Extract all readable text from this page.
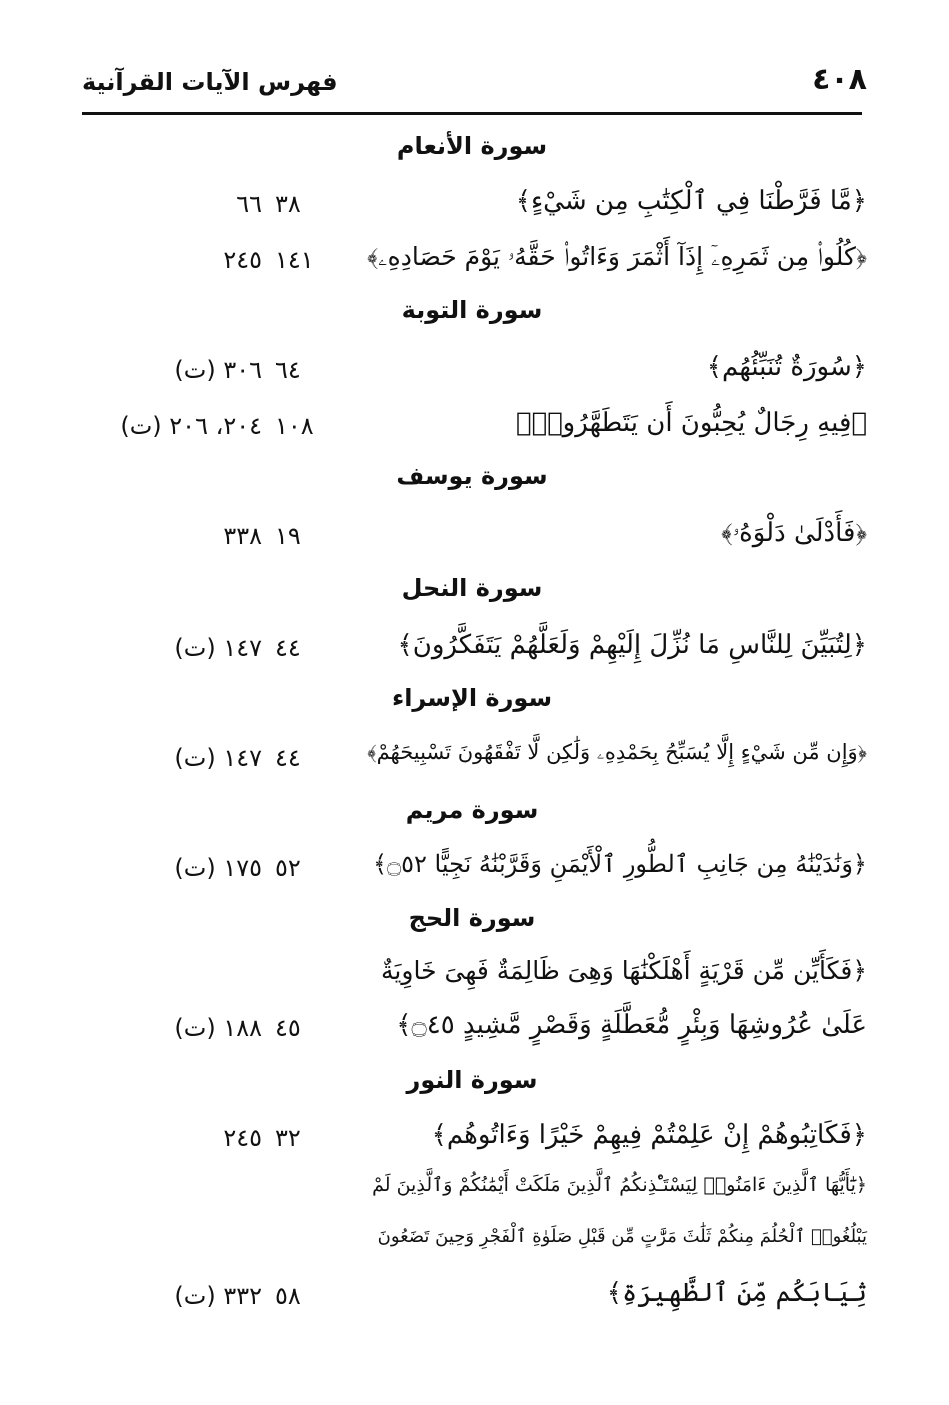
٤٠٨
فهرس الآيات القرآنية
سورة الأنعام
﴿مَّا فَرَّطْنَا فِي ٱلْكِتَٰبِ مِن شَيْءٍ﴾
٣٨
٦٦
﴿كُلُوا۟ مِن ثَمَرِهِۦٓ إِذَآ أَثْمَرَ وَءَاتُوا۟ حَقَّهُۥ يَوْمَ حَصَادِهِۦ﴾
١٤١
٢٤٥
سورة التوبة
﴿سُورَةٌ تُنَبِّئُهُم﴾
٦٤
٣٠٦ (ت)
﴿فِيهِ رِجَالٌ يُحِبُّونَ أَن يَتَطَهَّرُوا۟﴾
١٠٨
٢٠٤، ٢٠٦ (ت)
سورة يوسف
﴿فَأَدْلَىٰ دَلْوَهُۥ﴾
١٩
٣٣٨
سورة النحل
﴿لِتُبَيِّنَ لِلنَّاسِ مَا نُزِّلَ إِلَيْهِمْ وَلَعَلَّهُمْ يَتَفَكَّرُونَ﴾
٤٤
١٤٧ (ت)
سورة الإسراء
﴿وَإِن مِّن شَيْءٍ إِلَّا يُسَبِّحُ بِحَمْدِهِۦ وَلَٰكِن لَّا تَفْقَهُونَ تَسْبِيحَهُمْ﴾
٤٤
١٤٧ (ت)
سورة مريم
﴿وَنَٰدَيْنَٰهُ مِن جَانِبِ ٱلطُّورِ ٱلْأَيْمَنِ وَقَرَّبْنَٰهُ نَجِيًّا ۝٥٢﴾
٥٢
١٧٥ (ت)
سورة الحج
﴿فَكَأَيِّن مِّن قَرْيَةٍ أَهْلَكْنَٰهَا وَهِىَ ظَالِمَةٌ فَهِىَ خَاوِيَةٌ
عَلَىٰ عُرُوشِهَا وَبِئْرٍ مُّعَطَّلَةٍ وَقَصْرٍ مَّشِيدٍ ۝٤٥﴾
٤٥
١٨٨ (ت)
سورة النور
﴿فَكَاتِبُوهُمْ إِنْ عَلِمْتُمْ فِيهِمْ خَيْرًا وَءَاتُوهُم﴾
٣٢
٢٤٥
﴿يَٰٓأَيُّهَا ٱلَّذِينَ ءَامَنُوا۟ لِيَسْتَـْٔذِنكُمُ ٱلَّذِينَ مَلَكَتْ أَيْمَٰنُكُمْ وَٱلَّذِينَ لَمْ
يَبْلُغُوا۟ ٱلْحُلُمَ مِنكُمْ ثَلَٰثَ مَرَّٰتٍ مِّن قَبْلِ صَلَوٰةِ ٱلْفَجْرِ وَحِينَ تَضَعُونَ
ثِيَابَكُم مِّنَ ٱلظَّهِيرَةِ﴾
٥٨
٣٣٢ (ت)
